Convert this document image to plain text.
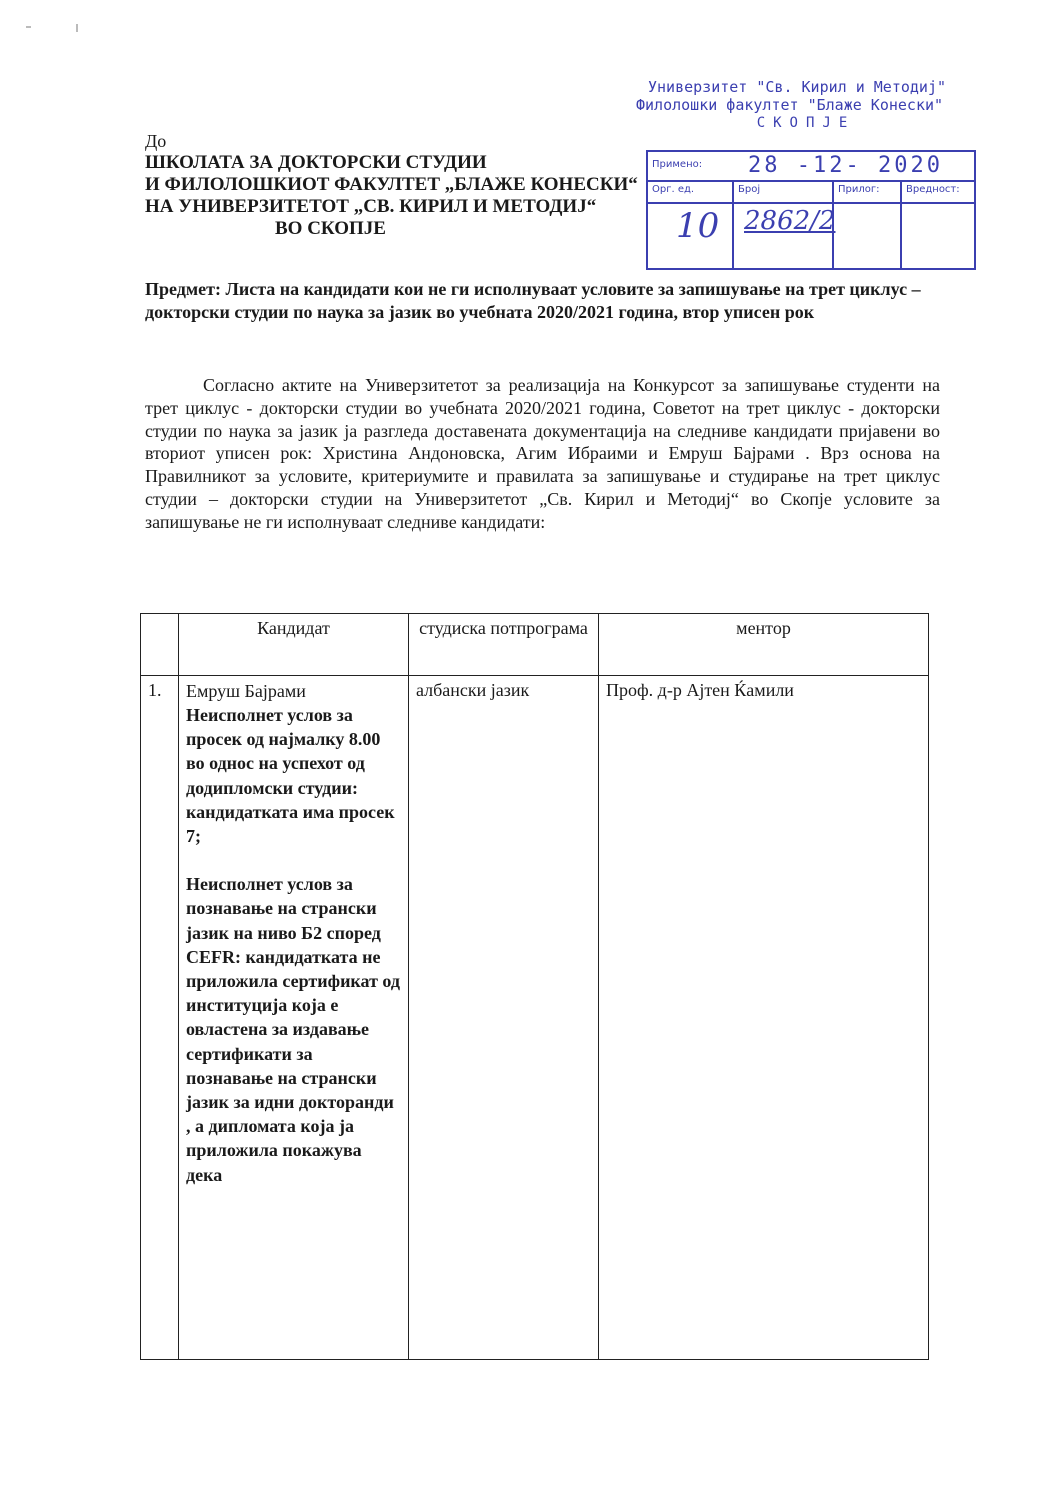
Универзитет "Св. Кирил и Методиј"
Филолошки факултет "Блаже Конески"
СКОПЈЕ
Примено: 28 -12- 2020
Орг. ед.	Број	Прилог:	Вредност:
10 2862/2
До
ШКОЛАТА ЗА ДОКТОРСКИ СТУДИИ
И ФИЛОЛОШКИОТ ФАКУЛТЕТ „БЛАЖЕ КОНЕСКИ“
НА УНИВЕРЗИТЕТОТ „СВ. КИРИЛ И МЕТОДИЈ“
ВО СКОПЈЕ
Предмет: Листа на кандидати кои не ги исполнуваат условите за запишување на трет циклус – докторски студии по наука за јазик во учебната 2020/2021 година, втор уписен рок
Согласно актите на Универзитетот за реализација на Конкурсот за запишување студенти на трет циклус - докторски студии во учебната 2020/2021 година, Советот на трет циклус - докторски студии по наука за јазик ја разгледа доставената документација на следниве кандидати пријавени во вториот уписен рок: Христина Андоновска, Агим Ибраими и Емруш Бајрами . Врз основа на Правилникот за условите, критериумите и правилата за запишување и студирање на трет циклус студии – докторски студии на Универзитетот „Св. Кирил и Методиј“ во Скопје условите за запишување не ги исполнуваат следниве кандидати:
	Кандидат	студиска потпрограма	ментор
1.	Емруш Бајрами
Неисполнет услов за просек од најмалку 8.00 во однос на успехот од додипломски студии: кандидатката има просек 7;
Неисполнет услов за познавање на странски јазик на ниво Б2 според CEFR: кандидатката не приложила сертификат од институција која е овластена за издавање сертификати за познавање на странски јазик за идни докторанди , а дипломата која ја приложила покажува дека	албански јазик	Проф. д-р Ајтен Ќамили
